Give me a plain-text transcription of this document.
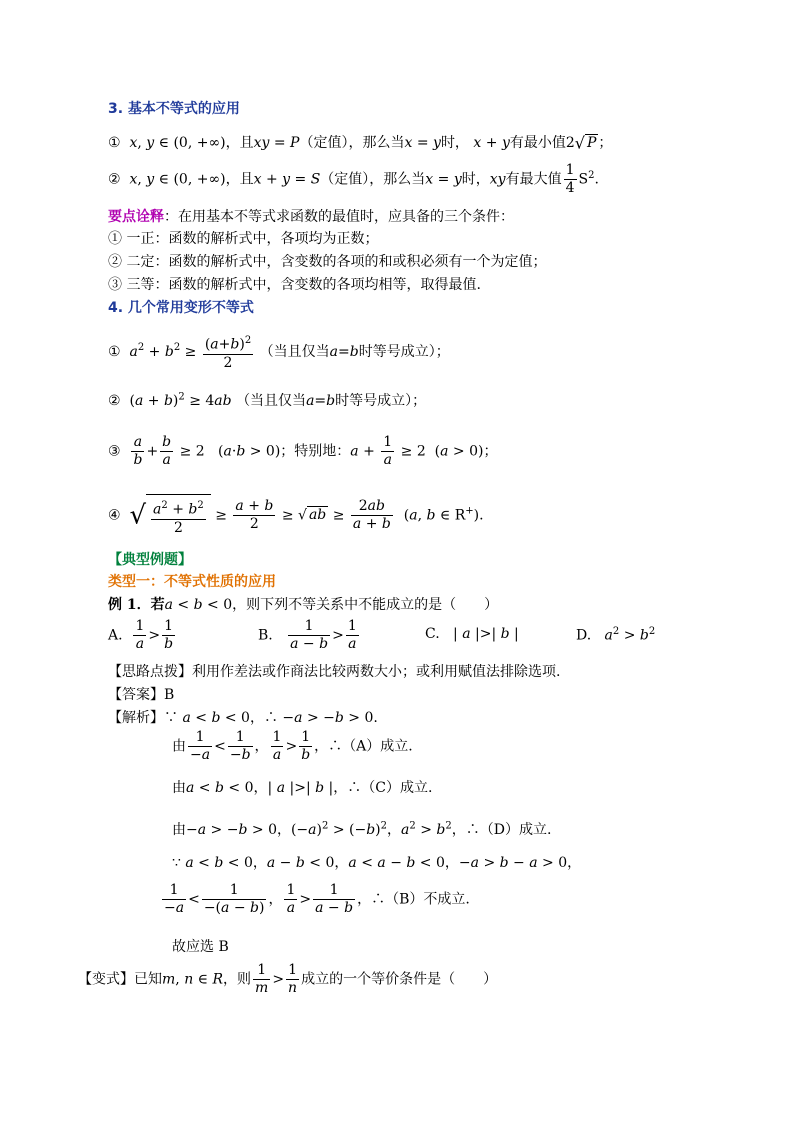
3. 基本不等式的应用
①  x, y ∈ (0, +∞)，且xy = P（定值），那么当x = y时， x + y有最小值2√ P ；
②  x, y ∈ (0, +∞)，且x + y = S（定值），那么当x = y时，xy有最大值 $\frac{1}{4} S^2$.
要点诠释：在用基本不等式求函数的最值时，应具备的三个条件：
① 一正：函数的解析式中，各项均为正数；
② 二定：函数的解析式中，含变数的各项的和或积必须有一个为定值；
③ 三等：函数的解析式中，含变数的各项均相等，取得最值.
4. 几个常用变形不等式
① $a^2 + b^2 \ge \frac{(a+b)^2}{2}$ （当且仅当a=b时等号成立）；
②  $(a + b)^2 \ge 4ab$ （当且仅当a=b时等号成立）；
③ $\frac{a}{b} + \frac{b}{a} \ge 2$   (a·b > 0)；特别地：$a + \frac{1}{a} \ge 2$  (a > 0)；
④ √ $\frac{a^2 + b^2}{2} \ge \frac{a + b}{2}$ ≥ √ ab ≥ $\frac{2ab}{a + b} (a$, b ∈ R+).
【典型例题】
类型一：不等式性质的应用
例 1．若a < b < 0，则下列不等关系中不能成立的是（　　）
A. $\frac{1}{a} > \frac{1}{b}$	B. $\frac{1}{a - b} > \frac{1}{a}$	C.   | a |>| b |	D. $a^2 > b^2$
【思路点拨】利用作差法或作商法比较两数大小；或利用赋值法排除选项.
【答案】B
【解析】∵ a < b < 0，∴ −a > −b > 0.
由 $\frac{1}{-a} < \frac{1}{-b}$ ， $\frac{1}{a} > \frac{1}{b}$ ，∴（A）成立.
由a < b < 0，| a |>| b |，∴（C）成立.
由−a > −b > 0，$(-a)^2 > (-b)^2$，$a^2 > b^2$，∴（D）成立.
∵ a < b < 0，a − b < 0，a < a − b < 0，−a > b − a > 0，
$\frac{1}{-a} < \frac{1}{-(a - b)}$ ， $\frac{1}{a} > \frac{1}{a - b}$ ，∴（B）不成立.
故应选 B
【变式】已知m, n ∈ R，则 $\frac{1}{m} > \frac{1}{n}$ 成立的一个等价条件是（　　）
